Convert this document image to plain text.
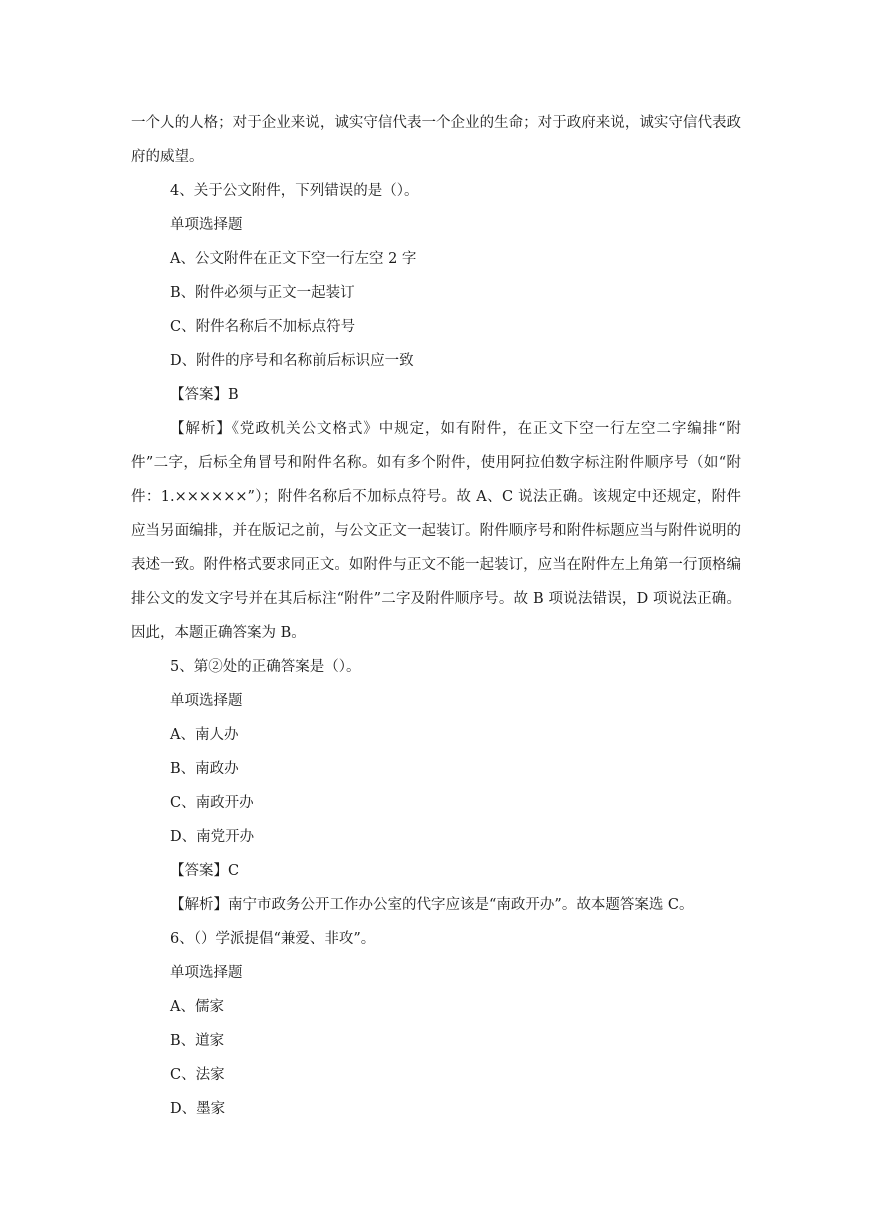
一个人的人格；对于企业来说，诚实守信代表一个企业的生命；对于政府来说，诚实守信代表政府的威望。

4、关于公文附件，下列错误的是（）。

单项选择题

A、公文附件在正文下空一行左空 2 字

B、附件必须与正文一起装订

C、附件名称后不加标点符号

D、附件的序号和名称前后标识应一致

【答案】B

【解析】《党政机关公文格式》中规定，如有附件，在正文下空一行左空二字编排“附件”二字，后标全角冒号和附件名称。如有多个附件，使用阿拉伯数字标注附件顺序号（如“附件：1.××××××”）；附件名称后不加标点符号。故 A、C 说法正确。该规定中还规定，附件应当另面编排，并在版记之前，与公文正文一起装订。附件顺序号和附件标题应当与附件说明的表述一致。附件格式要求同正文。如附件与正文不能一起装订，应当在附件左上角第一行顶格编排公文的发文字号并在其后标注“附件”二字及附件顺序号。故 B 项说法错误，D 项说法正确。因此，本题正确答案为 B。

5、第②处的正确答案是（）。

单项选择题

A、南人办

B、南政办

C、南政开办

D、南党开办

【答案】C

【解析】南宁市政务公开工作办公室的代字应该是“南政开办”。故本题答案选 C。

6、（）学派提倡“兼爱、非攻”。

单项选择题

A、儒家

B、道家

C、法家

D、墨家
